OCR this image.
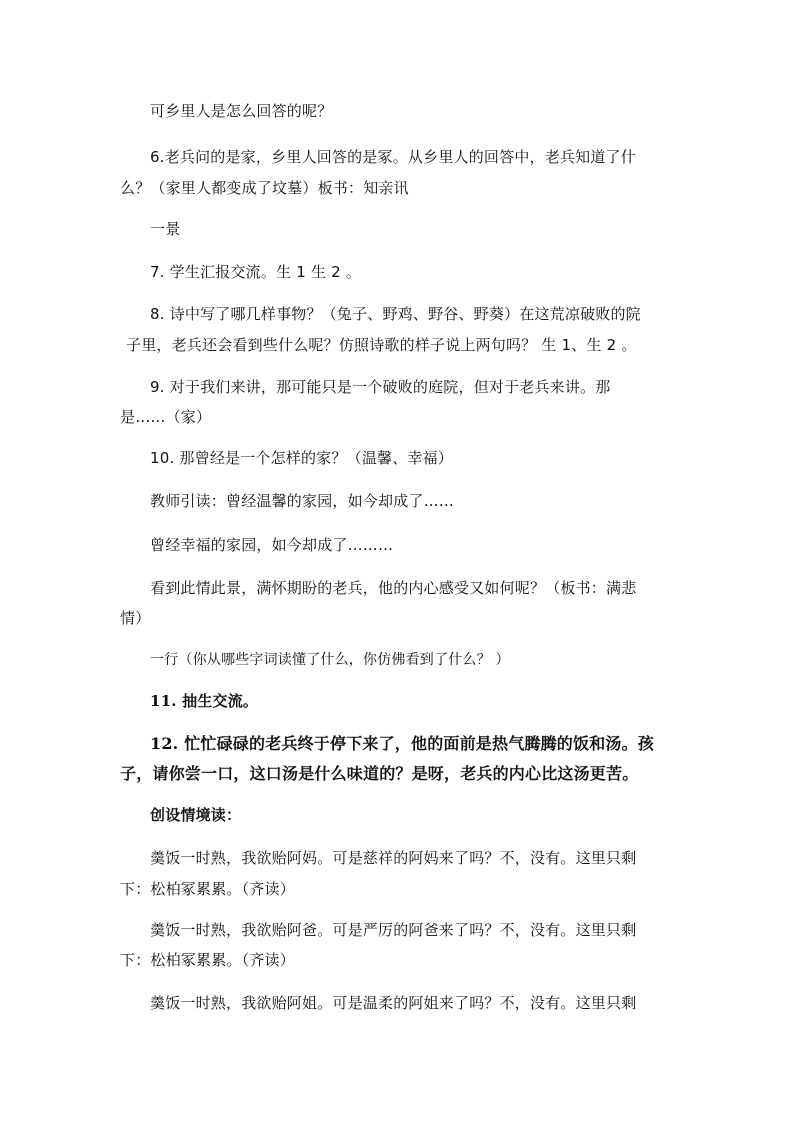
可乡里人是怎么回答的呢？
6.老兵问的是家，乡里人回答的是冢。从乡里人的回答中，老兵知道了什
么？（家里人都变成了坟墓）板书：知亲讯
一景
7. 学生汇报交流。生 1 生 2 。
8. 诗中写了哪几样事物？（兔子、野鸡、野谷、野葵）在这荒凉破败的院
子里，老兵还会看到些什么呢？仿照诗歌的样子说上两句吗？ 生 1、生 2 。
9. 对于我们来讲，那可能只是一个破败的庭院，但对于老兵来讲。那
是……（家）
10. 那曾经是一个怎样的家？（温馨、幸福）
教师引读：曾经温馨的家园，如今却成了……
曾经幸福的家园，如今却成了………
看到此情此景，满怀期盼的老兵，他的内心感受又如何呢？（板书：满悲
情）
一行（你从哪些字词读懂了什么，你仿佛看到了什么？ ）
11. 抽生交流。
12. 忙忙碌碌的老兵终于停下来了，他的面前是热气腾腾的饭和汤。孩
子，请你尝一口，这口汤是什么味道的？是呀，老兵的内心比这汤更苦。
创设情境读：
羹饭一时熟，我欲贻阿妈。可是慈祥的阿妈来了吗？不，没有。这里只剩
下：松柏冢累累。（齐读）
羹饭一时熟，我欲贻阿爸。可是严厉的阿爸来了吗？不，没有。这里只剩
下：松柏冢累累。（齐读）
羹饭一时熟，我欲贻阿姐。可是温柔的阿姐来了吗？不，没有。这里只剩
